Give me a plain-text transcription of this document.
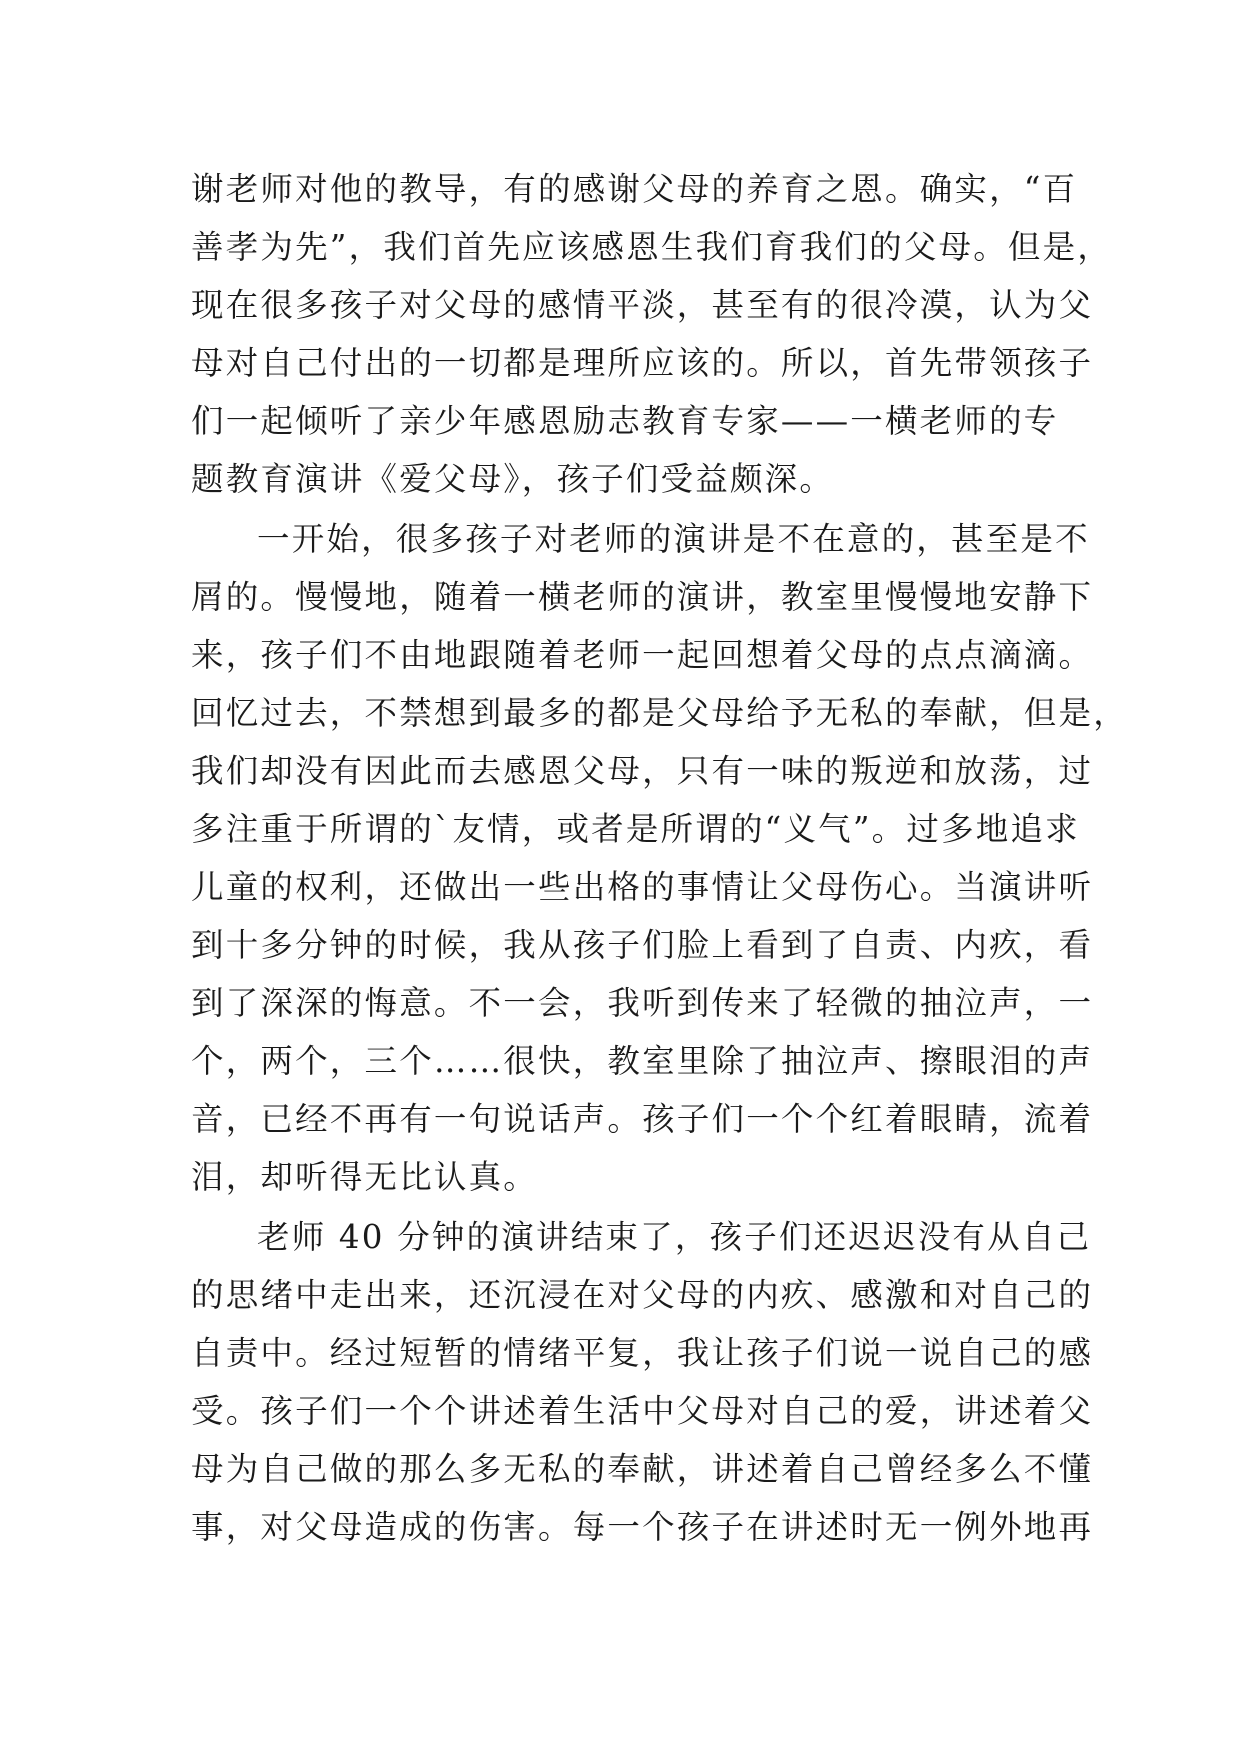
谢老师对他的教导，有的感谢父母的养育之恩。确实，“百

善孝为先”，我们首先应该感恩生我们育我们的父母。但是，

现在很多孩子对父母的感情平淡，甚至有的很冷漠，认为父

母对自己付出的一切都是理所应该的。所以，首先带领孩子

们一起倾听了亲少年感恩励志教育专家——一横老师的专

题教育演讲《爱父母》，孩子们受益颇深。

一开始，很多孩子对老师的演讲是不在意的，甚至是不

屑的。慢慢地，随着一横老师的演讲，教室里慢慢地安静下

来，孩子们不由地跟随着老师一起回想着父母的点点滴滴。

回忆过去，不禁想到最多的都是父母给予无私的奉献，但是，

我们却没有因此而去感恩父母，只有一味的叛逆和放荡，过

多注重于所谓的`友情，或者是所谓的“义气”。过多地追求

儿童的权利，还做出一些出格的事情让父母伤心。当演讲听

到十多分钟的时候，我从孩子们脸上看到了自责、内疚，看

到了深深的悔意。不一会，我听到传来了轻微的抽泣声，一

个，两个，三个……很快，教室里除了抽泣声、擦眼泪的声

音，已经不再有一句说话声。孩子们一个个红着眼睛，流着

泪，却听得无比认真。

老师 40 分钟的演讲结束了，孩子们还迟迟没有从自己

的思绪中走出来，还沉浸在对父母的内疚、感激和对自己的

自责中。经过短暂的情绪平复，我让孩子们说一说自己的感

受。孩子们一个个讲述着生活中父母对自己的爱，讲述着父

母为自己做的那么多无私的奉献，讲述着自己曾经多么不懂

事，对父母造成的伤害。每一个孩子在讲述时无一例外地再
